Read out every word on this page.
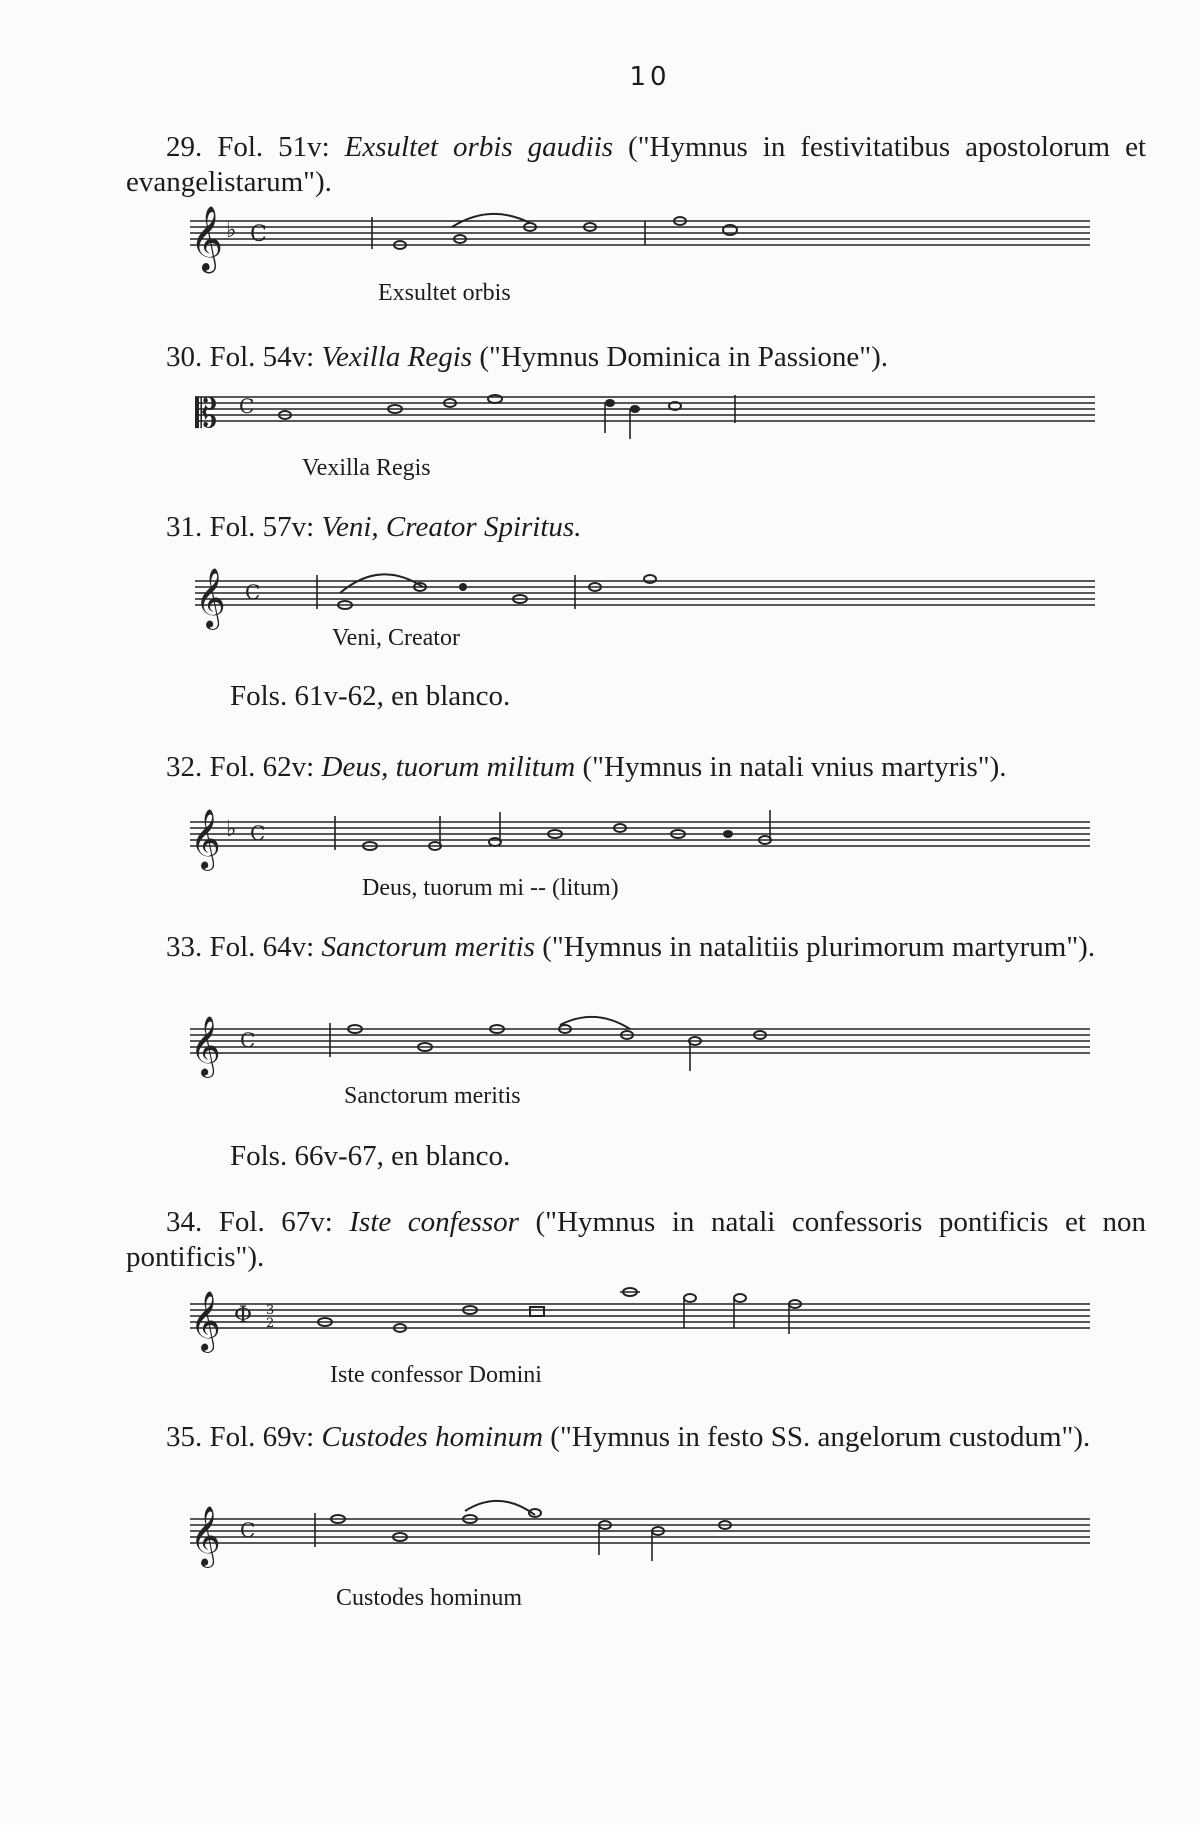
10

29. Fol. 51v: Exsultet orbis gaudiis ("Hymnus in festivitatibus apostolorum et evangelistarum").

𝄞 ♭ C
Exsultet orbis

30. Fol. 54v: Vexilla Regis ("Hymnus Dominica in Passione").

𝄡 C
Vexilla Regis

31. Fol. 57v: Veni, Creator Spiritus.

𝄞 C
Veni, Creator
Fols. 61v-62, en blanco.

32. Fol. 62v: Deus, tuorum militum ("Hymnus in natali vnius martyris").

𝄞 ♭ C
Deus, tuorum mi -- (litum)

33. Fol. 64v: Sanctorum meritis ("Hymnus in natalitiis plurimorum martyrum").

𝄞 C
Sanctorum meritis
Fols. 66v-67, en blanco.

34. Fol. 67v: Iste confessor ("Hymnus in natali confessoris pontificis et non pontificis").

𝄞 Φ 3
2
Iste confessor Domini

35. Fol. 69v: Custodes hominum ("Hymnus in festo SS. angelorum custodum").

𝄞 C
Custodes hominum
